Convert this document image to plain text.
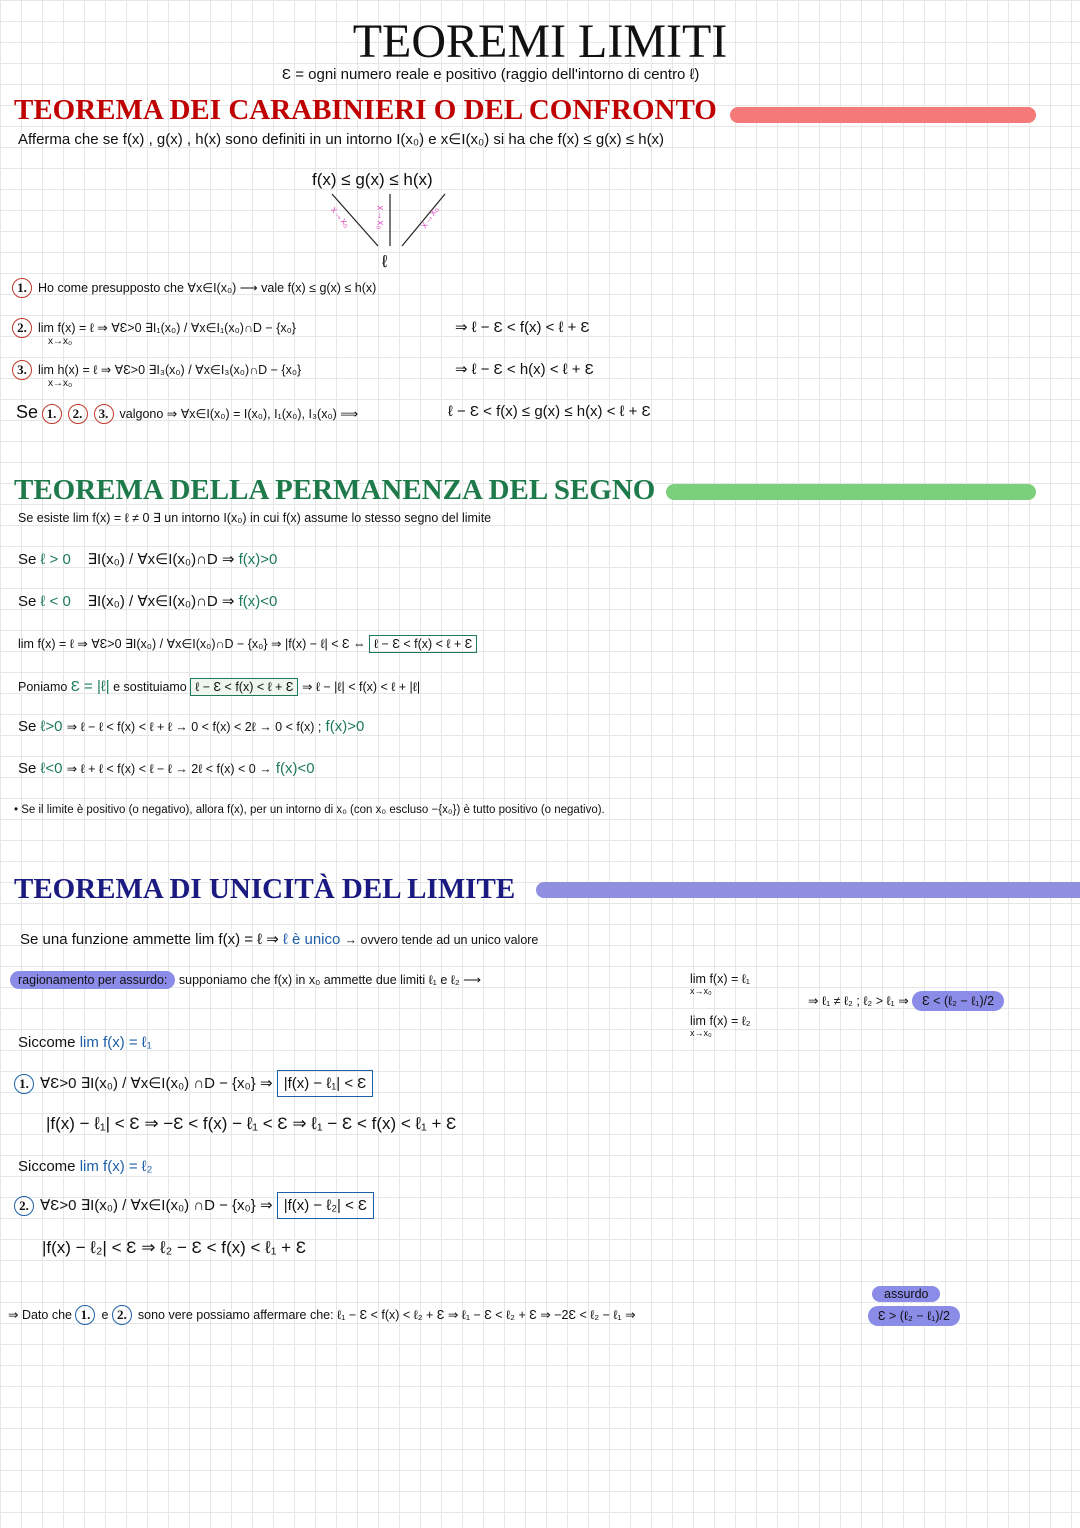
TEOREMI LIMITI
Ɛ = ogni numero reale e positivo (raggio dell'intorno di centro ℓ)
TEOREMA DEI CARABINIERI O DEL CONFRONTO
Afferma che se f(x) , g(x) , h(x) sono definiti in un intorno I(x₀) e x∈I(x₀) si ha che f(x) ≤ g(x) ≤ h(x)
f(x) ≤ g(x) ≤ h(x)
x→x₀ x→x₀	x→x₀
ℓ
1. Ho come presupposto che ∀x∈I(x₀) ⟶ vale f(x) ≤ g(x) ≤ h(x)
2. lim f(x) = ℓ ⇒ ∀Ɛ>0 ∃I₁(x₀) / ∀x∈I₁(x₀)∩D − {x₀}
x→x₀
⇒ ℓ − Ɛ < f(x) < ℓ + Ɛ
3. lim h(x) = ℓ ⇒ ∀Ɛ>0 ∃I₃(x₀) / ∀x∈I₃(x₀)∩D − {x₀}
x→x₀
⇒ ℓ − Ɛ < h(x) < ℓ + Ɛ
Se 1. 2. 3. valgono ⇒ ∀x∈I(x₀) = I(x₀), I₁(x₀), I₃(x₀) ⟹	ℓ − Ɛ < f(x) ≤ g(x) ≤ h(x) < ℓ + Ɛ
TEOREMA DELLA PERMANENZA DEL SEGNO
Se esiste lim f(x) = ℓ ≠ 0 ∃ un intorno I(x₀) in cui f(x) assume lo stesso segno del limite
Se ℓ > 0 ∃I(x₀) / ∀x∈I(x₀)∩D ⇒ f(x)>0
Se ℓ < 0 ∃I(x₀) / ∀x∈I(x₀)∩D ⇒ f(x)<0
lim f(x) = ℓ ⇒ ∀Ɛ>0 ∃I(x₀) / ∀x∈I(x₀)∩D − {x₀} ⇒ |f(x) − ℓ| < Ɛ ⇔ ℓ − Ɛ < f(x) < ℓ + Ɛ
Poniamo Ɛ = |ℓ| e sostituiamo ℓ − Ɛ < f(x) < ℓ + Ɛ ⇒ ℓ − |ℓ| < f(x) < ℓ + |ℓ|
Se ℓ>0 ⇒ ℓ − ℓ < f(x) < ℓ + ℓ → 0 < f(x) < 2ℓ → 0 < f(x) ; f(x)>0
Se ℓ<0 ⇒ ℓ + ℓ < f(x) < ℓ − ℓ → 2ℓ < f(x) < 0 → f(x)<0
• Se il limite è positivo (o negativo), allora f(x), per un intorno di x₀ (con x₀ escluso −{x₀}) è tutto positivo (o negativo).
TEOREMA DI UNICITÀ DEL LIMITE
Se una funzione ammette lim f(x) = ℓ ⇒ ℓ è unico → ovvero tende ad un unico valore
ragionamento per assurdo: supponiamo che f(x) in x₀ ammette due limiti ℓ₁ e ℓ₂ ⟶	lim f(x) = ℓ₁
x→x₀
lim f(x) = ℓ₂
x→x₀
⇒ ℓ₁ ≠ ℓ₂ ; ℓ₂ > ℓ₁ ⇒ Ɛ < (ℓ₂ − ℓ₁)/2
Siccome lim f(x) = ℓ₁
1. ∀Ɛ>0 ∃I(x₀) / ∀x∈I(x₀) ∩D − {x₀} ⇒ |f(x) − ℓ₁| < Ɛ
|f(x) − ℓ₁| < Ɛ ⇒ −Ɛ < f(x) − ℓ₁ < Ɛ ⇒ ℓ₁ − Ɛ < f(x) < ℓ₁ + Ɛ
Siccome lim f(x) = ℓ₂
2. ∀Ɛ>0 ∃I(x₀) / ∀x∈I(x₀) ∩D − {x₀} ⇒ |f(x) − ℓ₂| < Ɛ
|f(x) − ℓ₂| < Ɛ ⇒ ℓ₂ − Ɛ < f(x) < ℓ₁ + Ɛ
⇒ Dato che 1. e 2. sono vere possiamo affermare che: ℓ₁ − Ɛ < f(x) < ℓ₂ + Ɛ ⇒ ℓ₁ − Ɛ < ℓ₂ + Ɛ ⇒ −2Ɛ < ℓ₂ − ℓ₁ ⇒
assurdo
Ɛ > (ℓ₂ − ℓ₁)/2
